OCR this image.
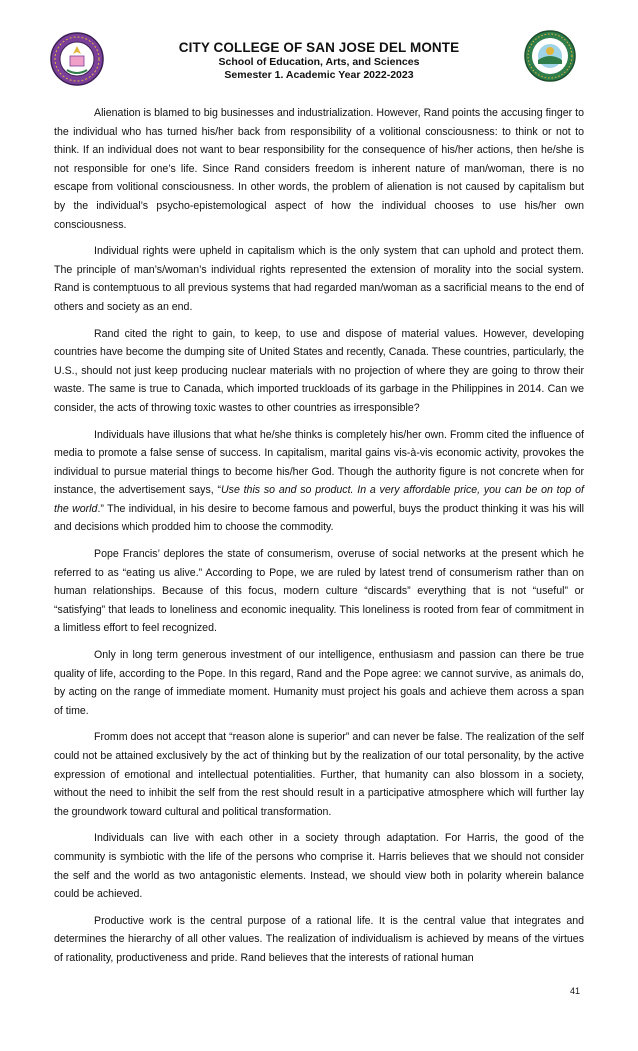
CITY COLLEGE OF SAN JOSE DEL MONTE
School of Education, Arts, and Sciences
Semester 1. Academic Year 2022-2023

Alienation is blamed to big businesses and industrialization. However, Rand points the accusing finger to the individual who has turned his/her back from responsibility of a volitional consciousness: to think or not to think. If an individual does not want to bear responsibility for the consequence of his/her actions, then he/she is not responsible for one’s life. Since Rand considers freedom is inherent nature of man/woman, there is no escape from volitional consciousness. In other words, the problem of alienation is not caused by capitalism but by the individual’s psycho-epistemological aspect of how the individual chooses to use his/her own consciousness.

Individual rights were upheld in capitalism which is the only system that can uphold and protect them. The principle of man’s/woman’s individual rights represented the extension of morality into the social system. Rand is contemptuous to all previous systems that had regarded man/woman as a sacrificial means to the end of others and society as an end.

Rand cited the right to gain, to keep, to use and dispose of material values. However, developing countries have become the dumping site of United States and recently, Canada. These countries, particularly, the U.S., should not just keep producing nuclear materials with no projection of where they are going to throw their waste. The same is true to Canada, which imported truckloads of its garbage in the Philippines in 2014. Can we consider, the acts of throwing toxic wastes to other countries as irresponsible?

Individuals have illusions that what he/she thinks is completely his/her own. Fromm cited the influence of media to promote a false sense of success. In capitalism, marital gains vis-à-vis economic activity, provokes the individual to pursue material things to become his/her God. Though the authority figure is not concrete when for instance, the advertisement says, “Use this so and so product. In a very affordable price, you can be on top of the world.” The individual, in his desire to become famous and powerful, buys the product thinking it was his will and decisions which prodded him to choose the commodity.

Pope Francis’ deplores the state of consumerism, overuse of social networks at the present which he referred to as “eating us alive.” According to Pope, we are ruled by latest trend of consumerism rather than on human relationships. Because of this focus, modern culture “discards” everything that is not “useful” or “satisfying” that leads to loneliness and economic inequality. This loneliness is rooted from fear of commitment in a limitless effort to feel recognized.

Only in long term generous investment of our intelligence, enthusiasm and passion can there be true quality of life, according to the Pope. In this regard, Rand and the Pope agree: we cannot survive, as animals do, by acting on the range of immediate moment. Humanity must project his goals and achieve them across a span of time.

Fromm does not accept that “reason alone is superior” and can never be false. The realization of the self could not be attained exclusively by the act of thinking but by the realization of our total personality, by the active expression of emotional and intellectual potentialities. Further, that humanity can also blossom in a society, without the need to inhibit the self from the rest should result in a participative atmosphere which will further lay the groundwork toward cultural and political transformation.

Individuals can live with each other in a society through adaptation. For Harris, the good of the community is symbiotic with the life of the persons who comprise it. Harris believes that we should not consider the self and the world as two antagonistic elements. Instead, we should view both in polarity wherein balance could be achieved.

Productive work is the central purpose of a rational life. It is the central value that integrates and determines the hierarchy of all other values. The realization of individualism is achieved by means of the virtues of rationality, productiveness and pride. Rand believes that the interests of rational human

41
